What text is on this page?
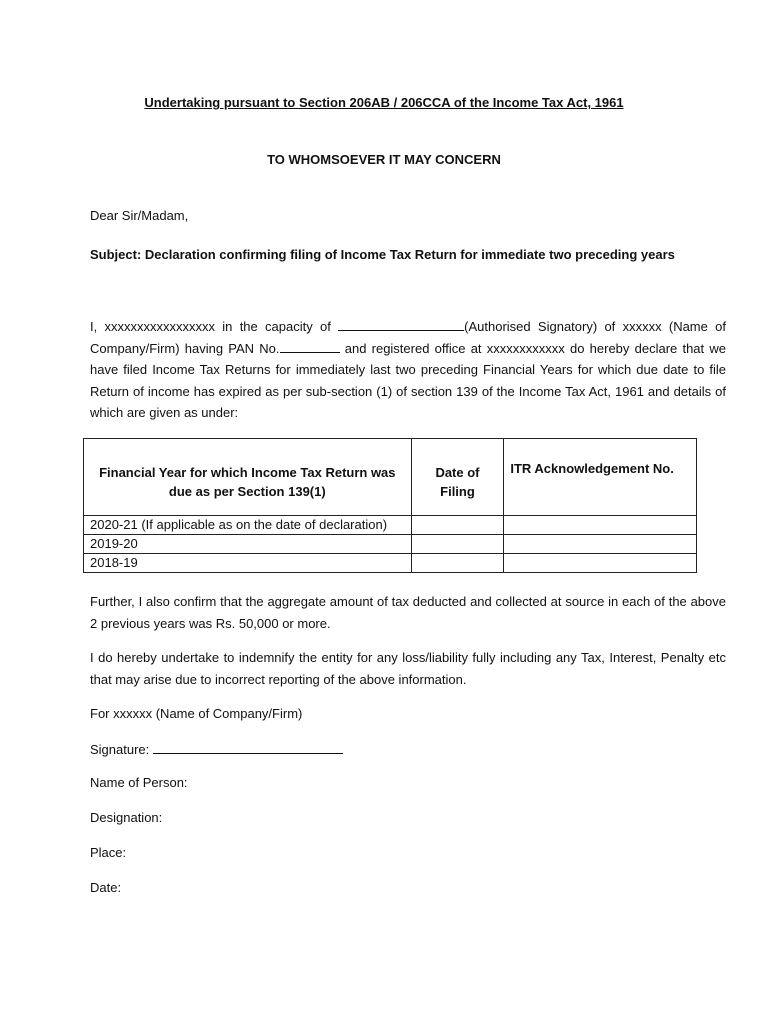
Undertaking pursuant to Section 206AB / 206CCA of the Income Tax Act, 1961
TO WHOMSOEVER IT MAY CONCERN
Dear Sir/Madam,
Subject: Declaration confirming filing of Income Tax Return for immediate two preceding years
I, xxxxxxxxxxxxxxxxx in the capacity of	(Authorised Signatory) of xxxxxx (Name of Company/Firm) having PAN No.	and registered office at xxxxxxxxxxxx do hereby declare that we have filed Income Tax Returns for immediately last two preceding Financial Years for which due date to file Return of income has expired as per sub-section (1) of section 139 of the Income Tax Act, 1961 and details of which are given as under:
Financial Year for which Income Tax Return was due as per Section 139(1)	Date of Filing	ITR Acknowledgement No.
2020-21 (If applicable as on the date of declaration)		
2019-20		
2018-19		
Further, I also confirm that the aggregate amount of tax deducted and collected at source in each of the above 2 previous years was Rs. 50,000 or more.
I do hereby undertake to indemnify the entity for any loss/liability fully including any Tax, Interest, Penalty etc that may arise due to incorrect reporting of the above information.
For xxxxxx (Name of Company/Firm)
Signature:
Name of Person:
Designation:
Place:
Date:
